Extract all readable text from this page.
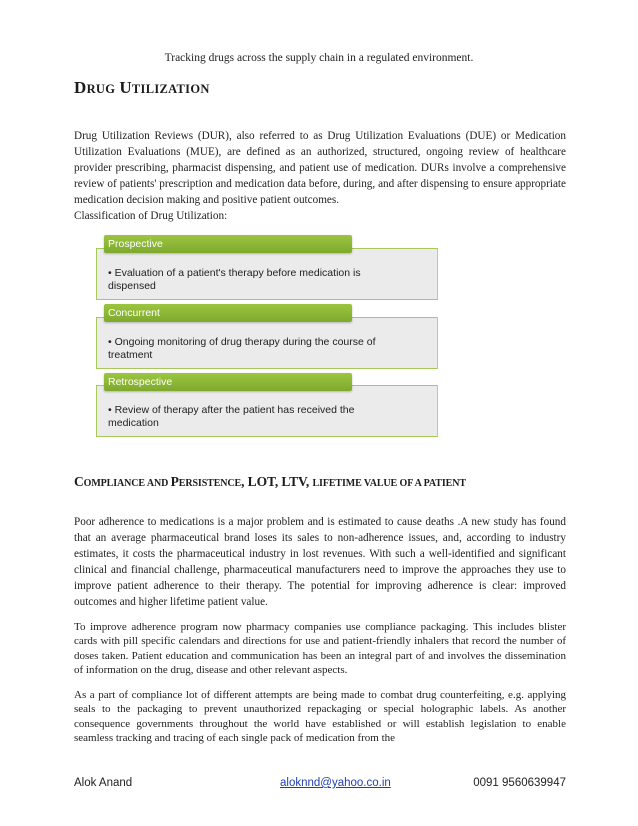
Tracking drugs across the supply chain in a regulated environment.
DRUG UTILIZATION
Drug Utilization Reviews (DUR), also referred to as Drug Utilization Evaluations (DUE) or Medication Utilization Evaluations (MUE), are defined as an authorized, structured, ongoing review of healthcare provider prescribing, pharmacist dispensing, and patient use of medication. DURs involve a comprehensive review of patients' prescription and medication data before, during, and after dispensing to ensure appropriate medication decision making and positive patient outcomes.
Classification of Drug Utilization:
Prospective
• Evaluation of a patient's therapy before medication is dispensed
Concurrent
• Ongoing monitoring of drug therapy during the course of treatment
Retrospective
• Review of therapy after the patient has received the medication
COMPLIANCE AND PERSISTENCE, LOT, LTV, LIFETIME VALUE OF A PATIENT
Poor adherence to medications is a major problem and is estimated to cause deaths .A new study has found that an average pharmaceutical brand loses its sales to non-adherence issues, and, according to industry estimates, it costs the pharmaceutical industry in lost revenues. With such a well-identified and significant clinical and financial challenge, pharmaceutical manufacturers need to improve the approaches they use to improve patient adherence to their therapy. The potential for improving adherence is clear: improved outcomes and higher lifetime patient value.
To improve adherence program now pharmacy companies use compliance packaging. This includes blister cards with pill specific calendars and directions for use and patient-friendly inhalers that record the number of doses taken. Patient education and communication has been an integral part of and involves the dissemination of information on the drug, disease and other relevant aspects.
As a part of compliance lot of different attempts are being made to combat drug counterfeiting, e.g. applying seals to the packaging to prevent unauthorized repackaging or special holographic labels. As another consequence governments throughout the world have established or will establish legislation to enable seamless tracking and tracing of each single pack of medication from the
Alok Anand	aloknnd@yahoo.co.in	0091 9560639947
